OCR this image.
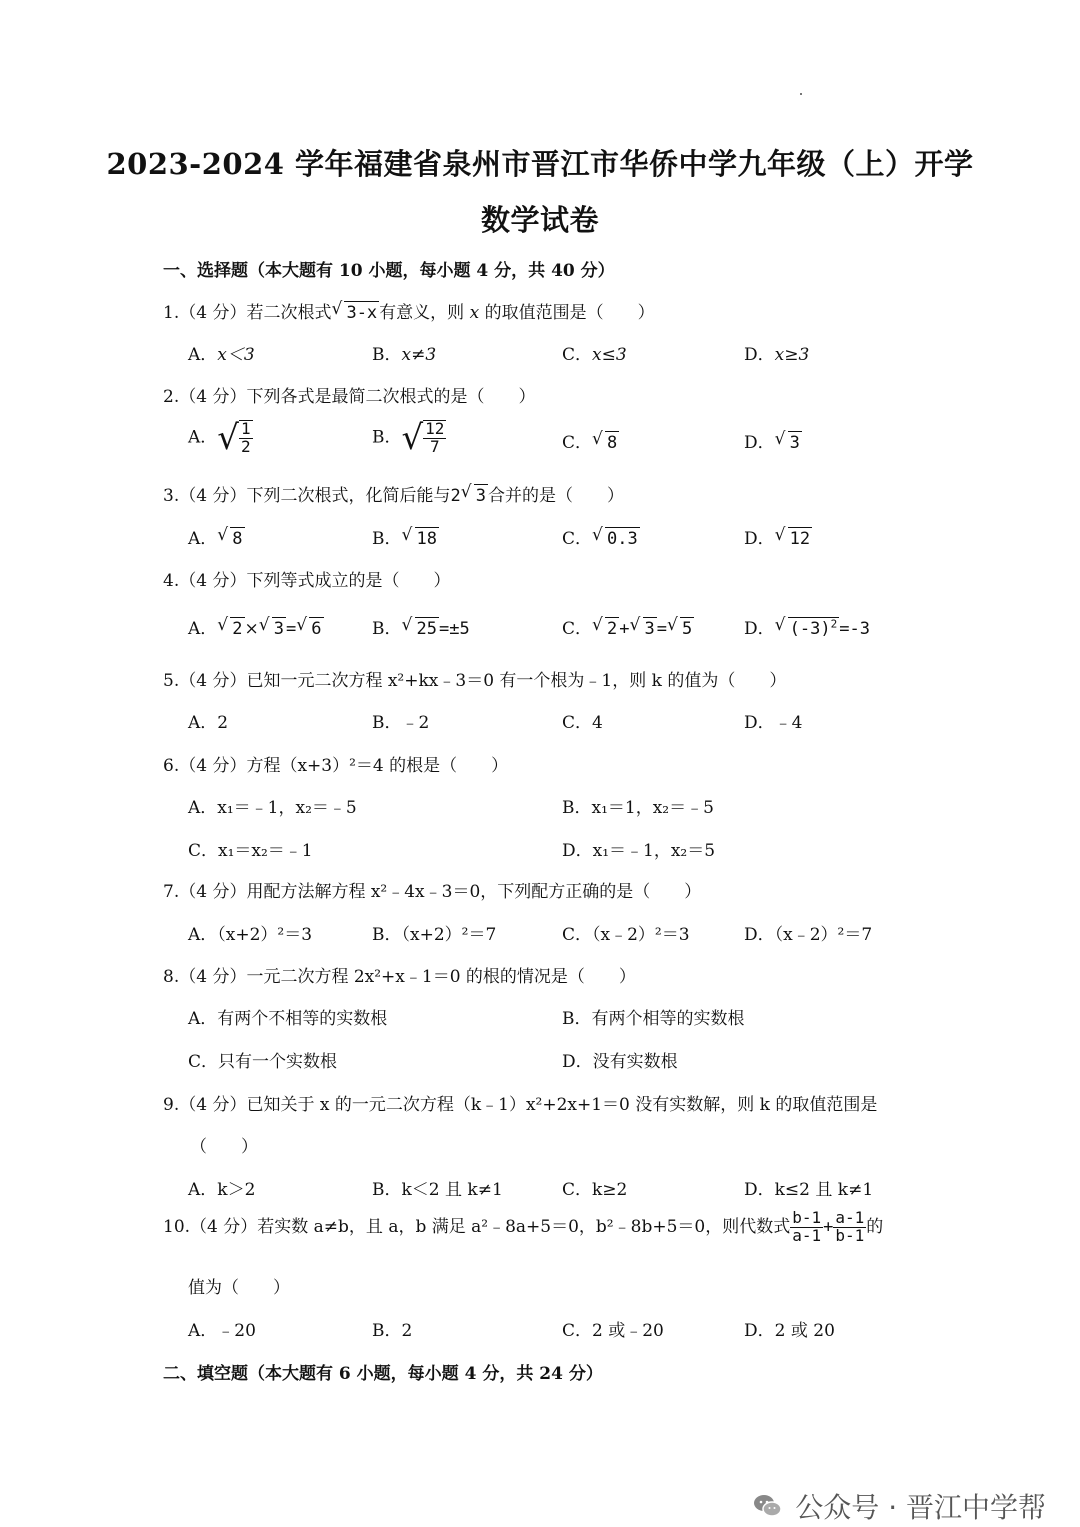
2023-2024 学年福建省泉州市晋江市华侨中学九年级（上）开学
数学试卷
一、选择题（本大题有 10 小题，每小题 4 分，共 40 分）
1.（4 分）若二次根式 √ 3-x 有意义，则 x 的取值范围是（　　）
A．x＜3	B．x≠3	C．x≤3	D．x≥3
2.（4 分）下列各式是最简二次根式的是（　　）
A．√ $\frac{1}{2}$	B．√ $\frac{12}{7}$	C． √ 8	D． √ 3
3.（4 分）下列二次根式，化简后能与2 √ 3 合并的是（　　）
A． √ 8	B． √ 18	C． √ 0.3	D． √ 12
4.（4 分）下列等式成立的是（　　）
A． √ 2 × √ 3 = √ 6	B． √ 25 =±5	C． √ 2 + √ 3 = √ 5	D． √ $(-3)^2 =-3$
5.（4 分）已知一元二次方程 x²+kx﹣3＝0 有一个根为﹣1，则 k 的值为（　　）
A．2	B．﹣2	C．4	D．﹣4
6.（4 分）方程（x+3）²＝4 的根是（　　）
A．x₁＝﹣1，x₂＝﹣5	B．x₁＝1，x₂＝﹣5
C．x₁＝x₂＝﹣1	D．x₁＝﹣1，x₂＝5
7.（4 分）用配方法解方程 x²﹣4x﹣3＝0，下列配方正确的是（　　）
A．（x+2）²＝3	B．（x+2）²＝7	C．（x﹣2）²＝3	D．（x﹣2）²＝7
8.（4 分）一元二次方程 2x²+x﹣1＝0 的根的情况是（　　）
A．有两个不相等的实数根	B．有两个相等的实数根
C．只有一个实数根	D．没有实数根
9.（4 分）已知关于 x 的一元二次方程（k﹣1）x²+2x+1＝0 没有实数解，则 k 的取值范围是
（　　）
A．k＞2	B．k＜2 且 k≠1	C．k≥2	D．k≤2 且 k≠1
10.（4 分）若实数 a≠b，且 a，b 满足 a²﹣8a+5＝0，b²﹣8b+5＝0，则代数式 $\frac{b-1}{a-1} + \frac{a-1}{b-1}$ 的
值为（　　）
A．﹣20	B．2	C．2 或﹣20	D．2 或 20
二、填空题（本大题有 6 小题，每小题 4 分，共 24 分）
公众号 · 晋江中学帮
